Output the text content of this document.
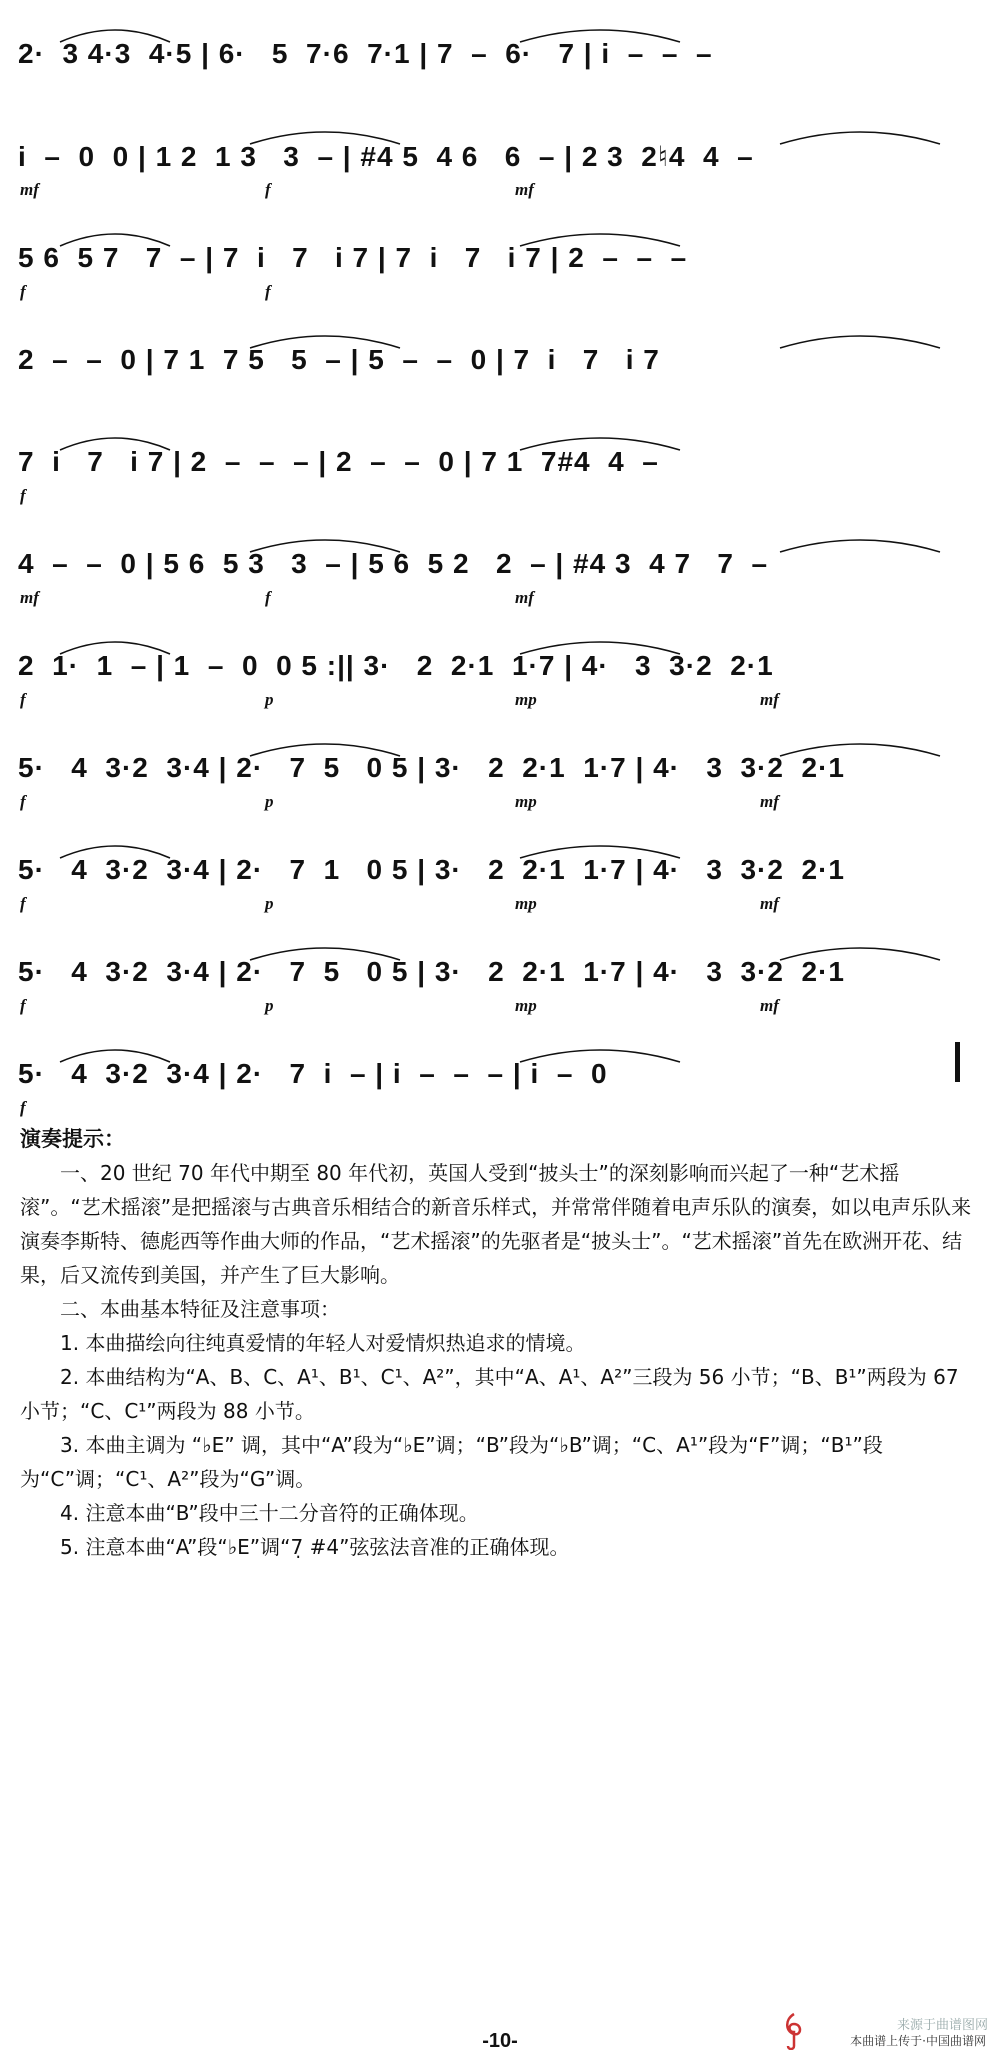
2·  3 4·3  4·5 | 6·   5  7·6  7·1 | 7  –  6·   7 | i  –  –  –
i  –  0  0 | 1 2  1 3   3  – | #4 5  4 6   6  – | 2 3  2♮4  4  –
mf	f	mf
5 6  5 7   7  – | 7  i   7   i 7 | 7  i   7   i 7 | 2  –  –  –
f	f
2  –  –  0 | 7 1  7 5   5  – | 5  –  –  0 | 7  i   7   i 7
7  i   7   i 7 | 2  –  –  – | 2  –  –  0 | 7 1  7#4  4  –
f
4  –  –  0 | 5 6  5 3   3  – | 5 6  5 2   2  – | #4 3  4 7   7  –
mf	f	mf
2  1·  1  – | 1  –  0  0 5 :|| 3·   2  2·1  1·7 | 4·   3  3·2  2·1
f	p	mp	mf
5·   4  3·2  3·4 | 2·   7  5   0 5 | 3·   2  2·1  1·7 | 4·   3  3·2  2·1
f	p	mp	mf
5·   4  3·2  3·4 | 2·   7  1   0 5 | 3·   2  2·1  1·7 | 4·   3  3·2  2·1
f	p	mp	mf
5·   4  3·2  3·4 | 2·   7  5   0 5 | 3·   2  2·1  1·7 | 4·   3  3·2  2·1
f	p	mp	mf
5·   4  3·2  3·4 | 2·   7  i  – | i  –  –  – | i  –  0
f

演奏提示：

一、20 世纪 70 年代中期至 80 年代初，英国人受到“披头士”的深刻影响而兴起了一种“艺术摇滚”。“艺术摇滚”是把摇滚与古典音乐相结合的新音乐样式，并常常伴随着电声乐队的演奏，如以电声乐队来演奏李斯特、德彪西等作曲大师的作品，“艺术摇滚”的先驱者是“披头士”。“艺术摇滚”首先在欧洲开花、结果，后又流传到美国，并产生了巨大影响。

二、本曲基本特征及注意事项：

1. 本曲描绘向往纯真爱情的年轻人对爱情炽热追求的情境。

2. 本曲结构为“A、B、C、A¹、B¹、C¹、A²”，其中“A、A¹、A²”三段为 56 小节；“B、B¹”两段为 67 小节；“C、C¹”两段为 88 小节。

3. 本曲主调为 “♭E” 调，其中“A”段为“♭E”调；“B”段为“♭B”调；“C、A¹”段为“F”调；“B¹”段为“C”调；“C¹、A²”段为“G”调。

4. 注意本曲“B”段中三十二分音符的正确体现。

5. 注意本曲“A”段“♭E”调“7̣ #4”弦弦法音准的正确体现。

-10-
来源于曲谱图网
本曲谱上传于·中国曲谱网
